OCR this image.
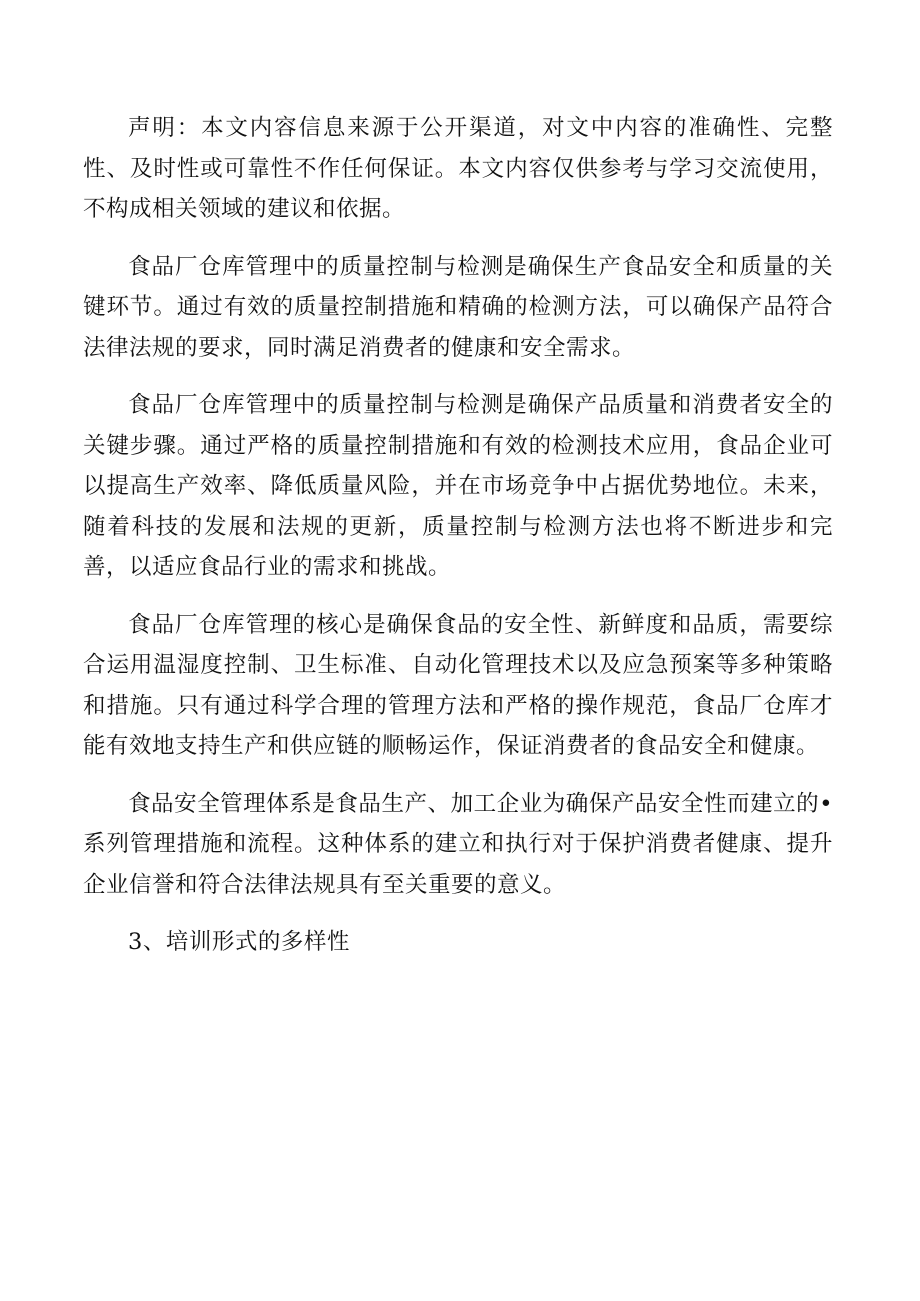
声明：本文内容信息来源于公开渠道，对文中内容的准确性、完整性、及时性或可靠性不作任何保证。本文内容仅供参考与学习交流使用，不构成相关领域的建议和依据。

食品厂仓库管理中的质量控制与检测是确保生产食品安全和质量的关键环节。通过有效的质量控制措施和精确的检测方法，可以确保产品符合法律法规的要求，同时满足消费者的健康和安全需求。

食品厂仓库管理中的质量控制与检测是确保产品质量和消费者安全的关键步骤。通过严格的质量控制措施和有效的检测技术应用，食品企业可以提高生产效率、降低质量风险，并在市场竞争中占据优势地位。未来，随着科技的发展和法规的更新，质量控制与检测方法也将不断进步和完善，以适应食品行业的需求和挑战。

食品厂仓库管理的核心是确保食品的安全性、新鲜度和品质，需要综合运用温湿度控制、卫生标准、自动化管理技术以及应急预案等多种策略和措施。只有通过科学合理的管理方法和严格的操作规范，食品厂仓库才能有效地支持生产和供应链的顺畅运作，保证消费者的食品安全和健康。

食品安全管理体系是食品生产、加工企业为确保产品安全性而建立的•系列管理措施和流程。这种体系的建立和执行对于保护消费者健康、提升企业信誉和符合法律法规具有至关重要的意义。

3、培训形式的多样性
